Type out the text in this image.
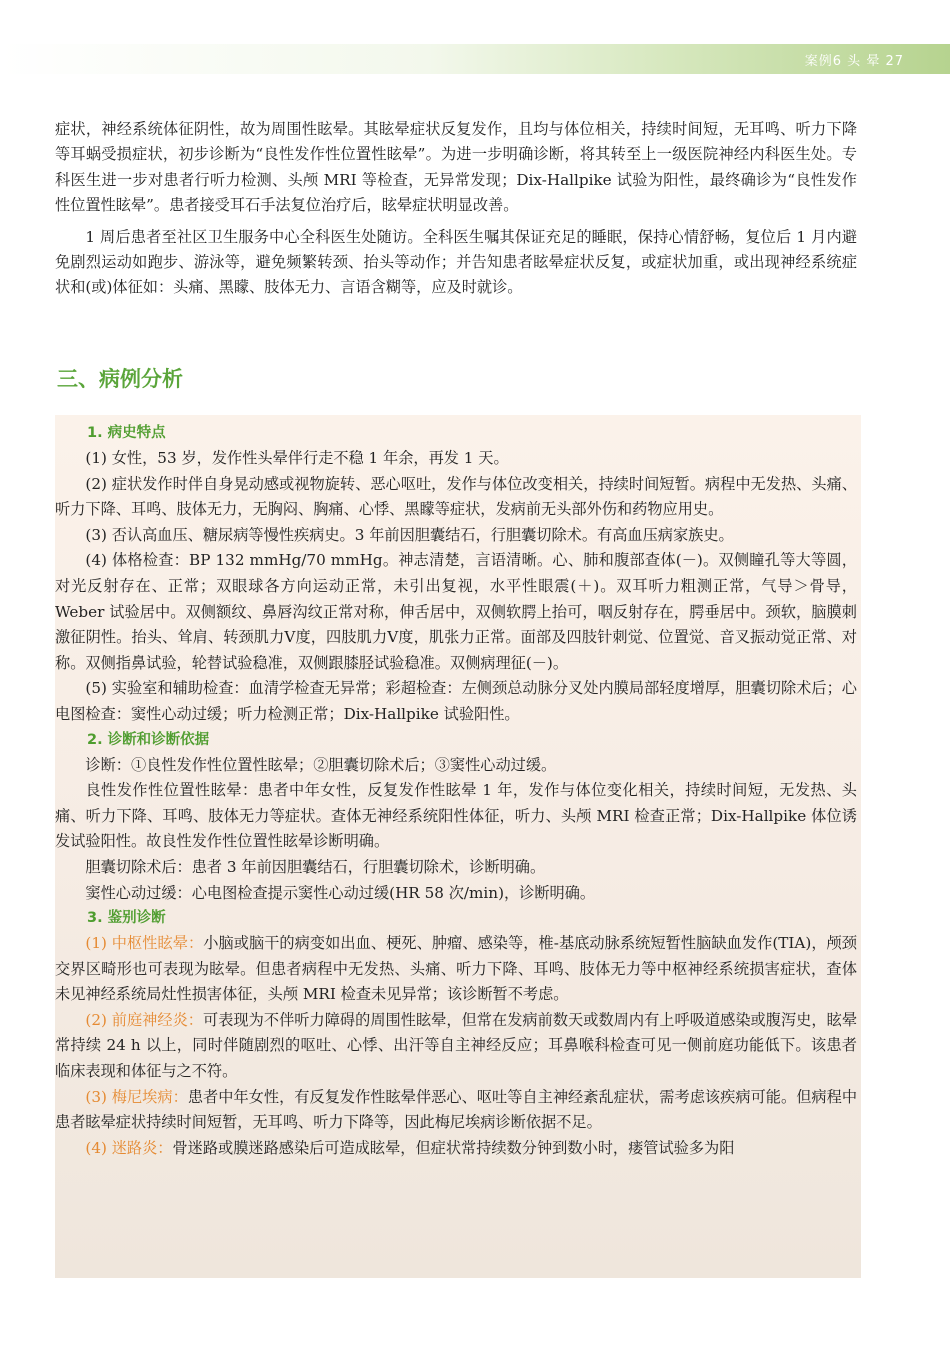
案例6 头 晕 27

症状，神经系统体征阴性，故为周围性眩晕。其眩晕症状反复发作，且均与体位相关，持续时间短，无耳鸣、听力下降等耳蜗受损症状，初步诊断为“良性发作性位置性眩晕”。为进一步明确诊断，将其转至上一级医院神经内科医生处。专科医生进一步对患者行听力检测、头颅 MRI 等检查，无异常发现；Dix-Hallpike 试验为阳性，最终确诊为“良性发作性位置性眩晕”。患者接受耳石手法复位治疗后，眩晕症状明显改善。

1 周后患者至社区卫生服务中心全科医生处随访。全科医生嘱其保证充足的睡眠，保持心情舒畅，复位后 1 月内避免剧烈运动如跑步、游泳等，避免频繁转颈、抬头等动作；并告知患者眩晕症状反复，或症状加重，或出现神经系统症状和(或)体征如：头痛、黑矇、肢体无力、言语含糊等，应及时就诊。

三、病例分析
1. 病史特点

(1) 女性，53 岁，发作性头晕伴行走不稳 1 年余，再发 1 天。

(2) 症状发作时伴自身晃动感或视物旋转、恶心呕吐，发作与体位改变相关，持续时间短暂。病程中无发热、头痛、听力下降、耳鸣、肢体无力，无胸闷、胸痛、心悸、黑矇等症状，发病前无头部外伤和药物应用史。

(3) 否认高血压、糖尿病等慢性疾病史。3 年前因胆囊结石，行胆囊切除术。有高血压病家族史。

(4) 体格检查：BP 132 mmHg/70 mmHg。神志清楚，言语清晰。心、肺和腹部查体(－)。双侧瞳孔等大等圆，对光反射存在、正常；双眼球各方向运动正常，未引出复视，水平性眼震(＋)。双耳听力粗测正常，气导＞骨导，Weber 试验居中。双侧额纹、鼻唇沟纹正常对称，伸舌居中，双侧软腭上抬可，咽反射存在，腭垂居中。颈软，脑膜刺激征阴性。抬头、耸肩、转颈肌力Ⅴ度，四肢肌力Ⅴ度，肌张力正常。面部及四肢针刺觉、位置觉、音叉振动觉正常、对称。双侧指鼻试验，轮替试验稳准，双侧跟膝胫试验稳准。双侧病理征(－)。

(5) 实验室和辅助检查：血清学检查无异常；彩超检查：左侧颈总动脉分叉处内膜局部轻度增厚，胆囊切除术后；心电图检查：窦性心动过缓；听力检测正常；Dix-Hallpike 试验阳性。

2. 诊断和诊断依据

诊断：①良性发作性位置性眩晕；②胆囊切除术后；③窦性心动过缓。

良性发作性位置性眩晕：患者中年女性，反复发作性眩晕 1 年，发作与体位变化相关，持续时间短，无发热、头痛、听力下降、耳鸣、肢体无力等症状。查体无神经系统阳性体征，听力、头颅 MRI 检查正常；Dix-Hallpike 体位诱发试验阳性。故良性发作性位置性眩晕诊断明确。

胆囊切除术后：患者 3 年前因胆囊结石，行胆囊切除术，诊断明确。

窦性心动过缓：心电图检查提示窦性心动过缓(HR 58 次/min)，诊断明确。

3. 鉴别诊断

(1) 中枢性眩晕：小脑或脑干的病变如出血、梗死、肿瘤、感染等，椎-基底动脉系统短暂性脑缺血发作(TIA)，颅颈交界区畸形也可表现为眩晕。但患者病程中无发热、头痛、听力下降、耳鸣、肢体无力等中枢神经系统损害症状，查体未见神经系统局灶性损害体征，头颅 MRI 检查未见异常；该诊断暂不考虑。

(2) 前庭神经炎：可表现为不伴听力障碍的周围性眩晕，但常在发病前数天或数周内有上呼吸道感染或腹泻史，眩晕常持续 24 h 以上，同时伴随剧烈的呕吐、心悸、出汗等自主神经反应；耳鼻喉科检查可见一侧前庭功能低下。该患者临床表现和体征与之不符。

(3) 梅尼埃病：患者中年女性，有反复发作性眩晕伴恶心、呕吐等自主神经紊乱症状，需考虑该疾病可能。但病程中患者眩晕症状持续时间短暂，无耳鸣、听力下降等，因此梅尼埃病诊断依据不足。

(4) 迷路炎：骨迷路或膜迷路感染后可造成眩晕，但症状常持续数分钟到数小时，瘘管试验多为阳
